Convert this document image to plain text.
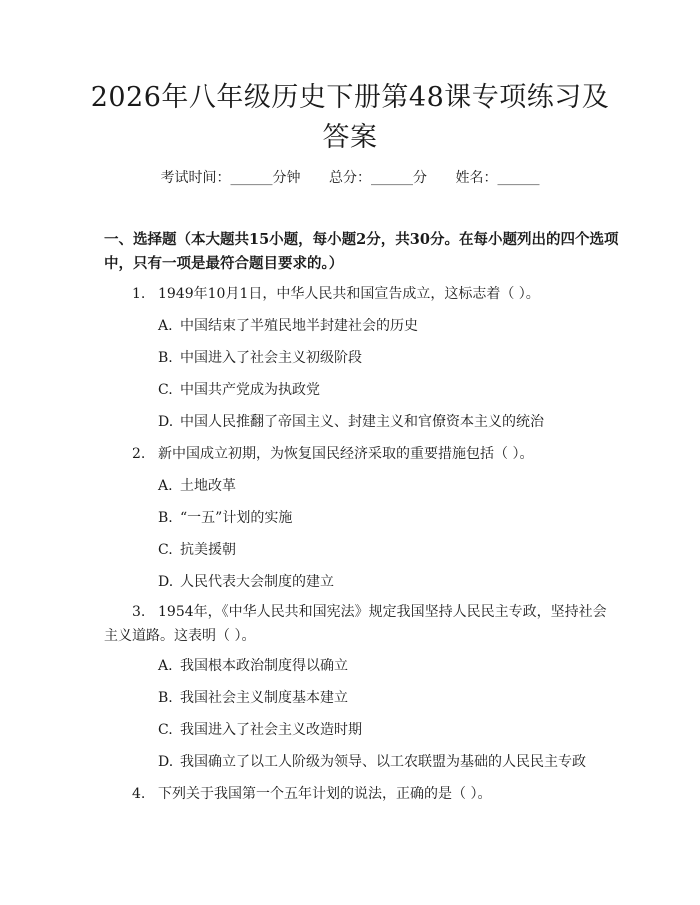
2026年八年级历史下册第48课专项练习及答案
考试时间：______分钟 总分：______分 姓名：______
一、选择题（本大题共15小题，每小题2分，共30分。在每小题列出的四个选项中，只有一项是最符合题目要求的。）
1. 1949年10月1日，中华人民共和国宣告成立，这标志着（ ）。
A. 中国结束了半殖民地半封建社会的历史
B. 中国进入了社会主义初级阶段
C. 中国共产党成为执政党
D. 中国人民推翻了帝国主义、封建主义和官僚资本主义的统治
2. 新中国成立初期，为恢复国民经济采取的重要措施包括（ ）。
A. 土地改革
B. “一五”计划的实施
C. 抗美援朝
D. 人民代表大会制度的建立
3. 1954年，《中华人民共和国宪法》规定我国坚持人民民主专政，坚持社会主义道路。这表明（ ）。
A. 我国根本政治制度得以确立
B. 我国社会主义制度基本建立
C. 我国进入了社会主义改造时期
D. 我国确立了以工人阶级为领导、以工农联盟为基础的人民民主专政
4. 下列关于我国第一个五年计划的说法，正确的是（ ）。
